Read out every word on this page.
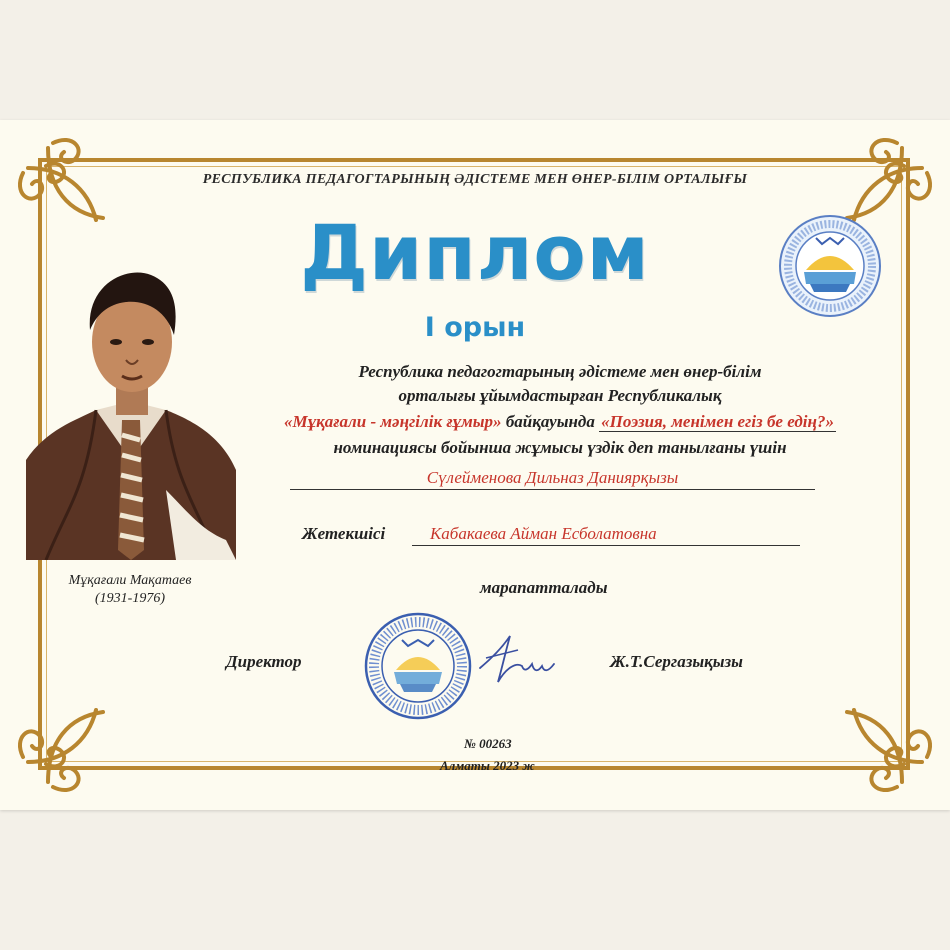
РЕСПУБЛИКА ПЕДАГОГТАРЫНЫҢ ӘДІСТЕМЕ МЕН ӨНЕР-БІЛІМ ОРТАЛЫҒЫ
Диплом
I орын
Республика педагогтарының әдістеме мен өнер-білім
орталығы ұйымдастырған Республикалық
«Мұқағали - мәңгілік ғұмыр» байқауында «Поэзия, менімен егіз бе едің?»
номинациясы бойынша жұмысы үздік деп танылғаны үшін
Сүлейменова Дильназ Даниярқызы
Жетекшісі	Кабакаева Айман Есболатовна
марапатталады
Директор	Ж.Т.Сергазықызы
№ 00263
Алматы 2023 ж
Мұқағали Мақатаев
(1931-1976)
